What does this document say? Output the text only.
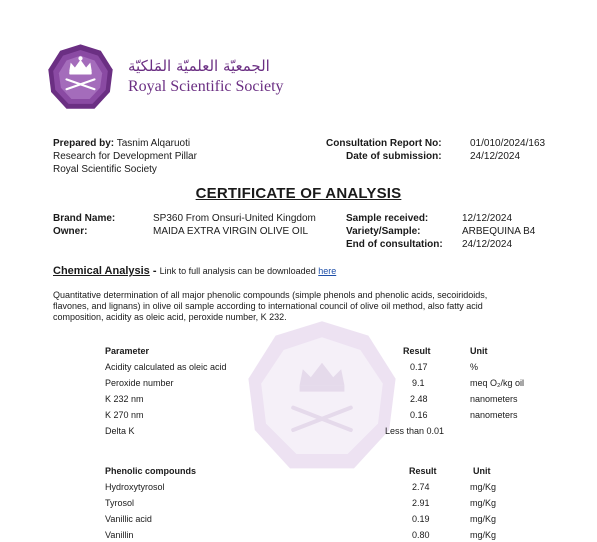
الجمعيّة العلميّة المَلكيّة
Royal Scientific Society
Prepared by: Tasnim Alqaruoti
Research for Development Pillar
Royal Scientific Society
Consultation Report No:	01/010/2024/163
Date of submission:	24/12/2024
CERTIFICATE OF ANALYSIS
Brand Name:	SP360 From Onsuri-United Kingdom
Owner:	MAIDA EXTRA VIRGIN OLIVE OIL
Sample received:	12/12/2024
Variety/Sample:	ARBEQUINA B4
End of consultation: 24/12/2024
Chemical Analysis - Link to full analysis can be downloaded here
Quantitative determination of all major phenolic compounds (simple phenols and phenolic acids, secoiridoids,
flavones, and lignans) in olive oil sample according to international council of olive oil method, also fatty acid
composition, acidity as oleic acid, peroxide number, K 232.
Parameter	Result	Unit
Acidity calculated as oleic acid	0.17	%
Peroxide number	9.1	meq O₂/kg oil
K 232 nm	2.48	nanometers
K 270 nm	0.16	nanometers
Delta K	Less than 0.01
Phenolic compounds	Result	Unit
Hydroxytyrosol	2.74	mg/Kg
Tyrosol	2.91	mg/Kg
Vanillic acid	0.19	mg/Kg
Vanillin	0.80	mg/Kg
